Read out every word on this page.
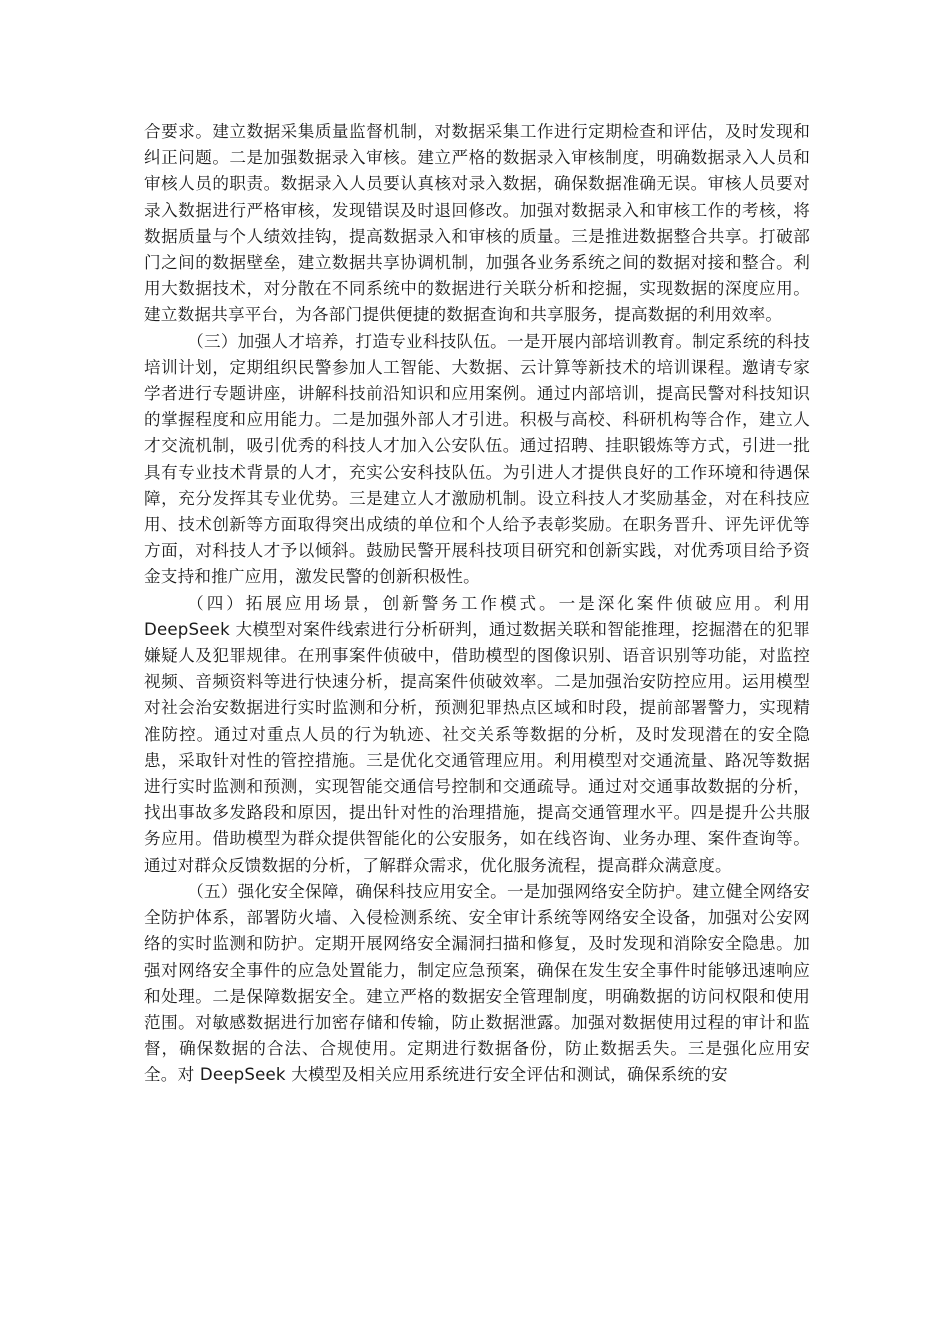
合要求。建立数据采集质量监督机制，对数据采集工作进行定期检查和评估，及时发现和纠正问题。二是加强数据录入审核。建立严格的数据录入审核制度，明确数据录入人员和审核人员的职责。数据录入人员要认真核对录入数据，确保数据准确无误。审核人员要对录入数据进行严格审核，发现错误及时退回修改。加强对数据录入和审核工作的考核，将数据质量与个人绩效挂钩，提高数据录入和审核的质量。三是推进数据整合共享。打破部门之间的数据壁垒，建立数据共享协调机制，加强各业务系统之间的数据对接和整合。利用大数据技术，对分散在不同系统中的数据进行关联分析和挖掘，实现数据的深度应用。建立数据共享平台，为各部门提供便捷的数据查询和共享服务，提高数据的利用效率。

（三）加强人才培养，打造专业科技队伍。一是开展内部培训教育。制定系统的科技培训计划，定期组织民警参加人工智能、大数据、云计算等新技术的培训课程。邀请专家学者进行专题讲座，讲解科技前沿知识和应用案例。通过内部培训，提高民警对科技知识的掌握程度和应用能力。二是加强外部人才引进。积极与高校、科研机构等合作，建立人才交流机制，吸引优秀的科技人才加入公安队伍。通过招聘、挂职锻炼等方式，引进一批具有专业技术背景的人才，充实公安科技队伍。为引进人才提供良好的工作环境和待遇保障，充分发挥其专业优势。三是建立人才激励机制。设立科技人才奖励基金，对在科技应用、技术创新等方面取得突出成绩的单位和个人给予表彰奖励。在职务晋升、评先评优等方面，对科技人才予以倾斜。鼓励民警开展科技项目研究和创新实践，对优秀项目给予资金支持和推广应用，激发民警的创新积极性。

（四）拓展应用场景，创新警务工作模式。一是深化案件侦破应用。利用 DeepSeek 大模型对案件线索进行分析研判，通过数据关联和智能推理，挖掘潜在的犯罪嫌疑人及犯罪规律。在刑事案件侦破中，借助模型的图像识别、语音识别等功能，对监控视频、音频资料等进行快速分析，提高案件侦破效率。二是加强治安防控应用。运用模型对社会治安数据进行实时监测和分析，预测犯罪热点区域和时段，提前部署警力，实现精准防控。通过对重点人员的行为轨迹、社交关系等数据的分析，及时发现潜在的安全隐患，采取针对性的管控措施。三是优化交通管理应用。利用模型对交通流量、路况等数据进行实时监测和预测，实现智能交通信号控制和交通疏导。通过对交通事故数据的分析，找出事故多发路段和原因，提出针对性的治理措施，提高交通管理水平。四是提升公共服务应用。借助模型为群众提供智能化的公安服务，如在线咨询、业务办理、案件查询等。通过对群众反馈数据的分析，了解群众需求，优化服务流程，提高群众满意度。

（五）强化安全保障，确保科技应用安全。一是加强网络安全防护。建立健全网络安全防护体系，部署防火墙、入侵检测系统、安全审计系统等网络安全设备，加强对公安网络的实时监测和防护。定期开展网络安全漏洞扫描和修复，及时发现和消除安全隐患。加强对网络安全事件的应急处置能力，制定应急预案，确保在发生安全事件时能够迅速响应和处理。二是保障数据安全。建立严格的数据安全管理制度，明确数据的访问权限和使用范围。对敏感数据进行加密存储和传输，防止数据泄露。加强对数据使用过程的审计和监督，确保数据的合法、合规使用。定期进行数据备份，防止数据丢失。三是强化应用安全。对 DeepSeek 大模型及相关应用系统进行安全评估和测试，确保系统的安
